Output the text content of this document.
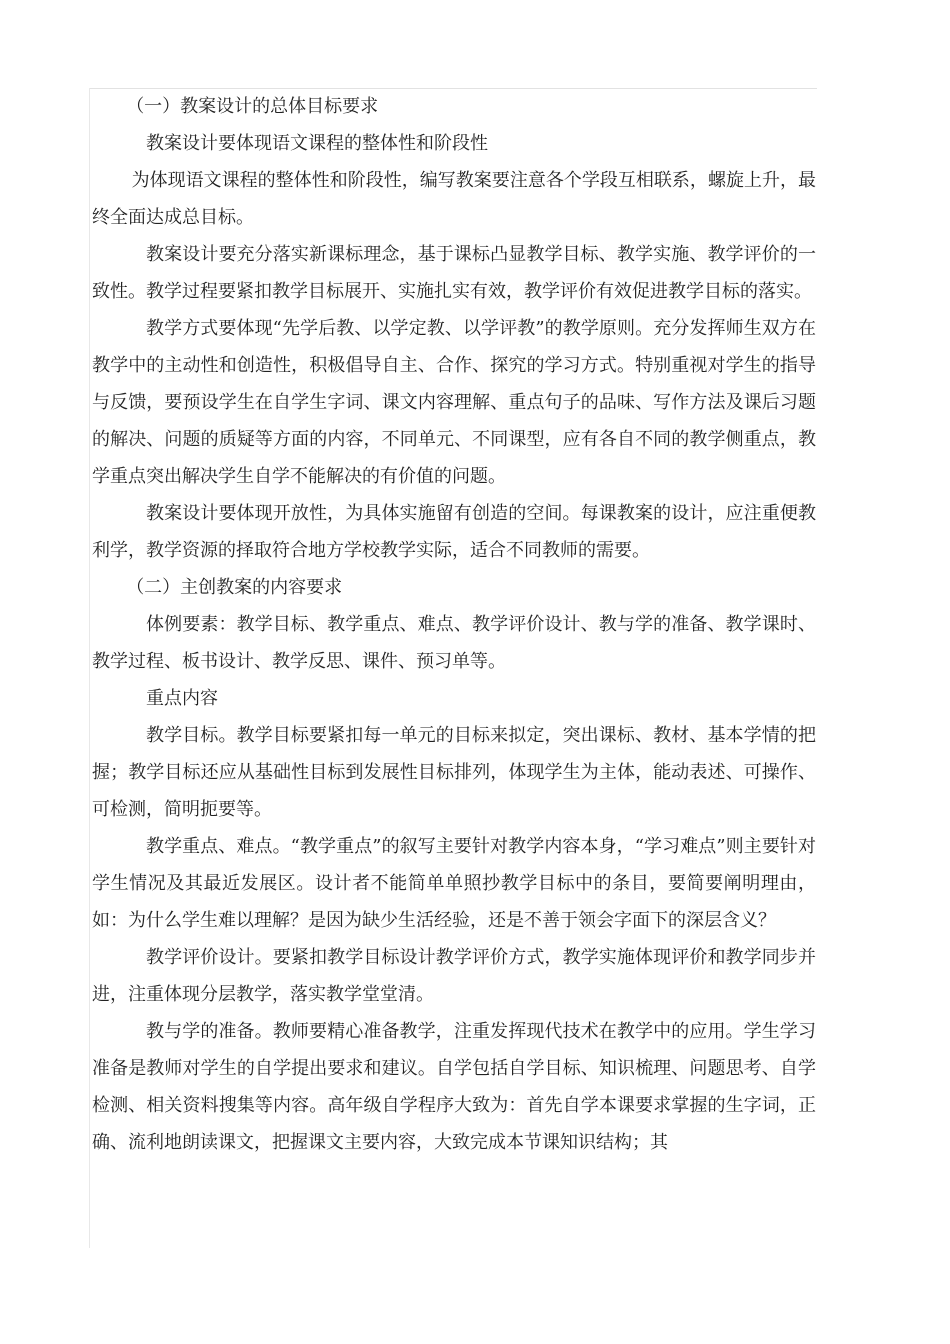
（一）教案设计的总体目标要求

教案设计要体现语文课程的整体性和阶段性

为体现语文课程的整体性和阶段性，编写教案要注意各个学段互相联系，螺旋上升，最终全面达成总目标。

教案设计要充分落实新课标理念，基于课标凸显教学目标、教学实施、教学评价的一致性。教学过程要紧扣教学目标展开、实施扎实有效，教学评价有效促进教学目标的落实。

教学方式要体现“先学后教、以学定教、以学评教”的教学原则。充分发挥师生双方在教学中的主动性和创造性，积极倡导自主、合作、探究的学习方式。特别重视对学生的指导与反馈，要预设学生在自学生字词、课文内容理解、重点句子的品味、写作方法及课后习题的解决、问题的质疑等方面的内容，不同单元、不同课型，应有各自不同的教学侧重点，教学重点突出解决学生自学不能解决的有价值的问题。

教案设计要体现开放性，为具体实施留有创造的空间。每课教案的设计，应注重便教利学，教学资源的择取符合地方学校教学实际，适合不同教师的需要。

（二）主创教案的内容要求

体例要素：教学目标、教学重点、难点、教学评价设计、教与学的准备、教学课时、教学过程、板书设计、教学反思、课件、预习单等。

重点内容

教学目标。教学目标要紧扣每一单元的目标来拟定，突出课标、教材、基本学情的把握；教学目标还应从基础性目标到发展性目标排列，体现学生为主体，能动表述、可操作、可检测，简明扼要等。

教学重点、难点。“教学重点”的叙写主要针对教学内容本身，“学习难点”则主要针对学生情况及其最近发展区。设计者不能简单单照抄教学目标中的条目，要简要阐明理由，如：为什么学生难以理解？是因为缺少生活经验，还是不善于领会字面下的深层含义？

教学评价设计。要紧扣教学目标设计教学评价方式，教学实施体现评价和教学同步并进，注重体现分层教学，落实教学堂堂清。

教与学的准备。教师要精心准备教学，注重发挥现代技术在教学中的应用。学生学习准备是教师对学生的自学提出要求和建议。自学包括自学目标、知识梳理、问题思考、自学检测、相关资料搜集等内容。高年级自学程序大致为：首先自学本课要求掌握的生字词，正确、流利地朗读课文，把握课文主要内容，大致完成本节课知识结构；其
